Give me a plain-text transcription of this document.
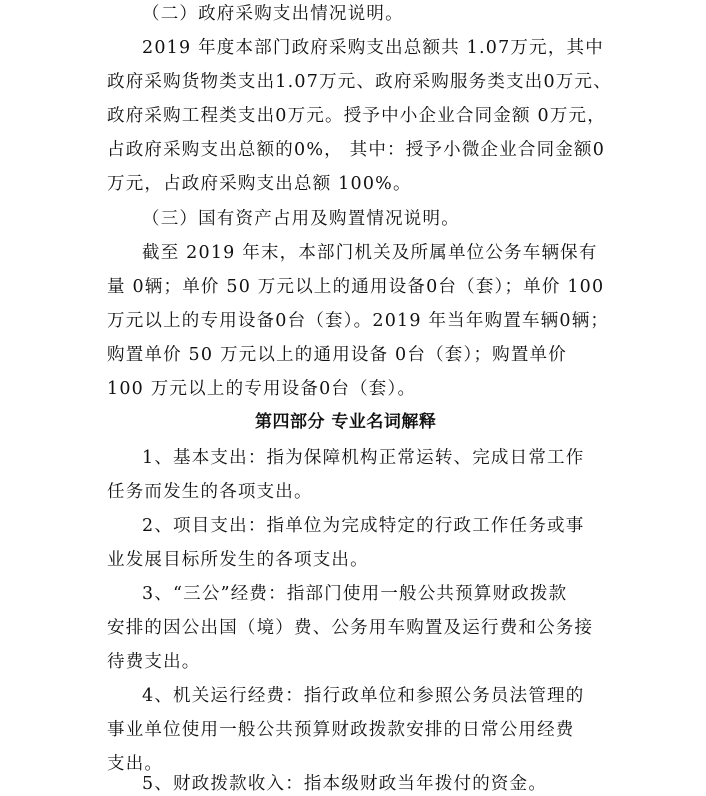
（二）政府采购支出情况说明。
2019 年度本部门政府采购支出总额共 1.07万元，其中
政府采购货物类支出1.07万元、政府采购服务类支出0万元、
政府采购工程类支出0万元。授予中小企业合同金额 0万元，
占政府采购支出总额的0%， 其中：授予小微企业合同金额0
万元，占政府采购支出总额 100%。
（三）国有资产占用及购置情况说明。
截至 2019 年末，本部门机关及所属单位公务车辆保有
量 0辆；单价 50 万元以上的通用设备0台（套）；单价 100
万元以上的专用设备0台（套）。2019 年当年购置车辆0辆；
购置单价 50 万元以上的通用设备 0台（套）；购置单价
100 万元以上的专用设备0台（套）。
第四部分 专业名词解释
1、基本支出：指为保障机构正常运转、完成日常工作
任务而发生的各项支出。
2、项目支出：指单位为完成特定的行政工作任务或事
业发展目标所发生的各项支出。
3、“三公”经费：指部门使用一般公共预算财政拨款
安排的因公出国（境）费、公务用车购置及运行费和公务接
待费支出。
4、机关运行经费：指行政单位和参照公务员法管理的
事业单位使用一般公共预算财政拨款安排的日常公用经费
支出。
5、财政拨款收入：指本级财政当年拨付的资金。
